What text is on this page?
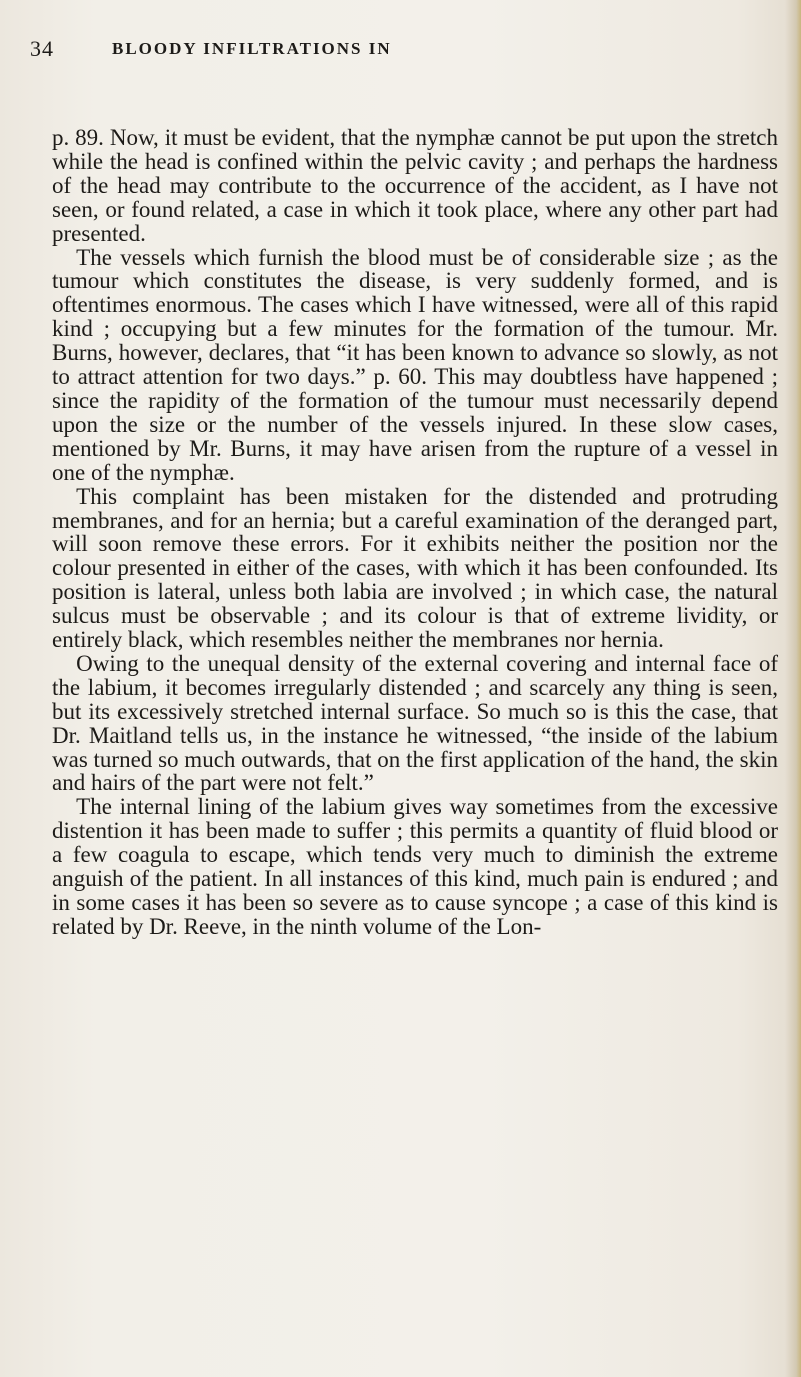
34	BLOODY INFILTRATIONS IN

p. 89. Now, it must be evident, that the nymphæ cannot be put upon the stretch while the head is confined within the pelvic cavity ; and perhaps the hardness of the head may contribute to the occurrence of the accident, as I have not seen, or found related, a case in which it took place, where any other part had presented.

The vessels which furnish the blood must be of considerable size ; as the tumour which constitutes the disease, is very suddenly formed, and is oftentimes enormous. The cases which I have witnessed, were all of this rapid kind ; occupying but a few minutes for the formation of the tumour. Mr. Burns, however, declares, that “it has been known to advance so slowly, as not to attract attention for two days.” p. 60. This may doubtless have happened ; since the rapidity of the formation of the tumour must necessarily depend upon the size or the number of the vessels injured. In these slow cases, mentioned by Mr. Burns, it may have arisen from the rupture of a vessel in one of the nymphæ.

This complaint has been mistaken for the distended and protruding membranes, and for an hernia; but a careful examination of the deranged part, will soon remove these errors. For it exhibits neither the position nor the colour presented in either of the cases, with which it has been confounded. Its position is lateral, unless both labia are involved ; in which case, the natural sulcus must be observable ; and its colour is that of extreme lividity, or entirely black, which resembles neither the membranes nor hernia.

Owing to the unequal density of the external covering and internal face of the labium, it becomes irregularly distended ; and scarcely any thing is seen, but its excessively stretched internal surface. So much so is this the case, that Dr. Maitland tells us, in the instance he witnessed, “the inside of the labium was turned so much outwards, that on the first application of the hand, the skin and hairs of the part were not felt.”

The internal lining of the labium gives way sometimes from the excessive distention it has been made to suffer ; this permits a quantity of fluid blood or a few coagula to escape, which tends very much to diminish the extreme anguish of the patient. In all instances of this kind, much pain is endured ; and in some cases it has been so severe as to cause syncope ; a case of this kind is related by Dr. Reeve, in the ninth volume of the Lon-
